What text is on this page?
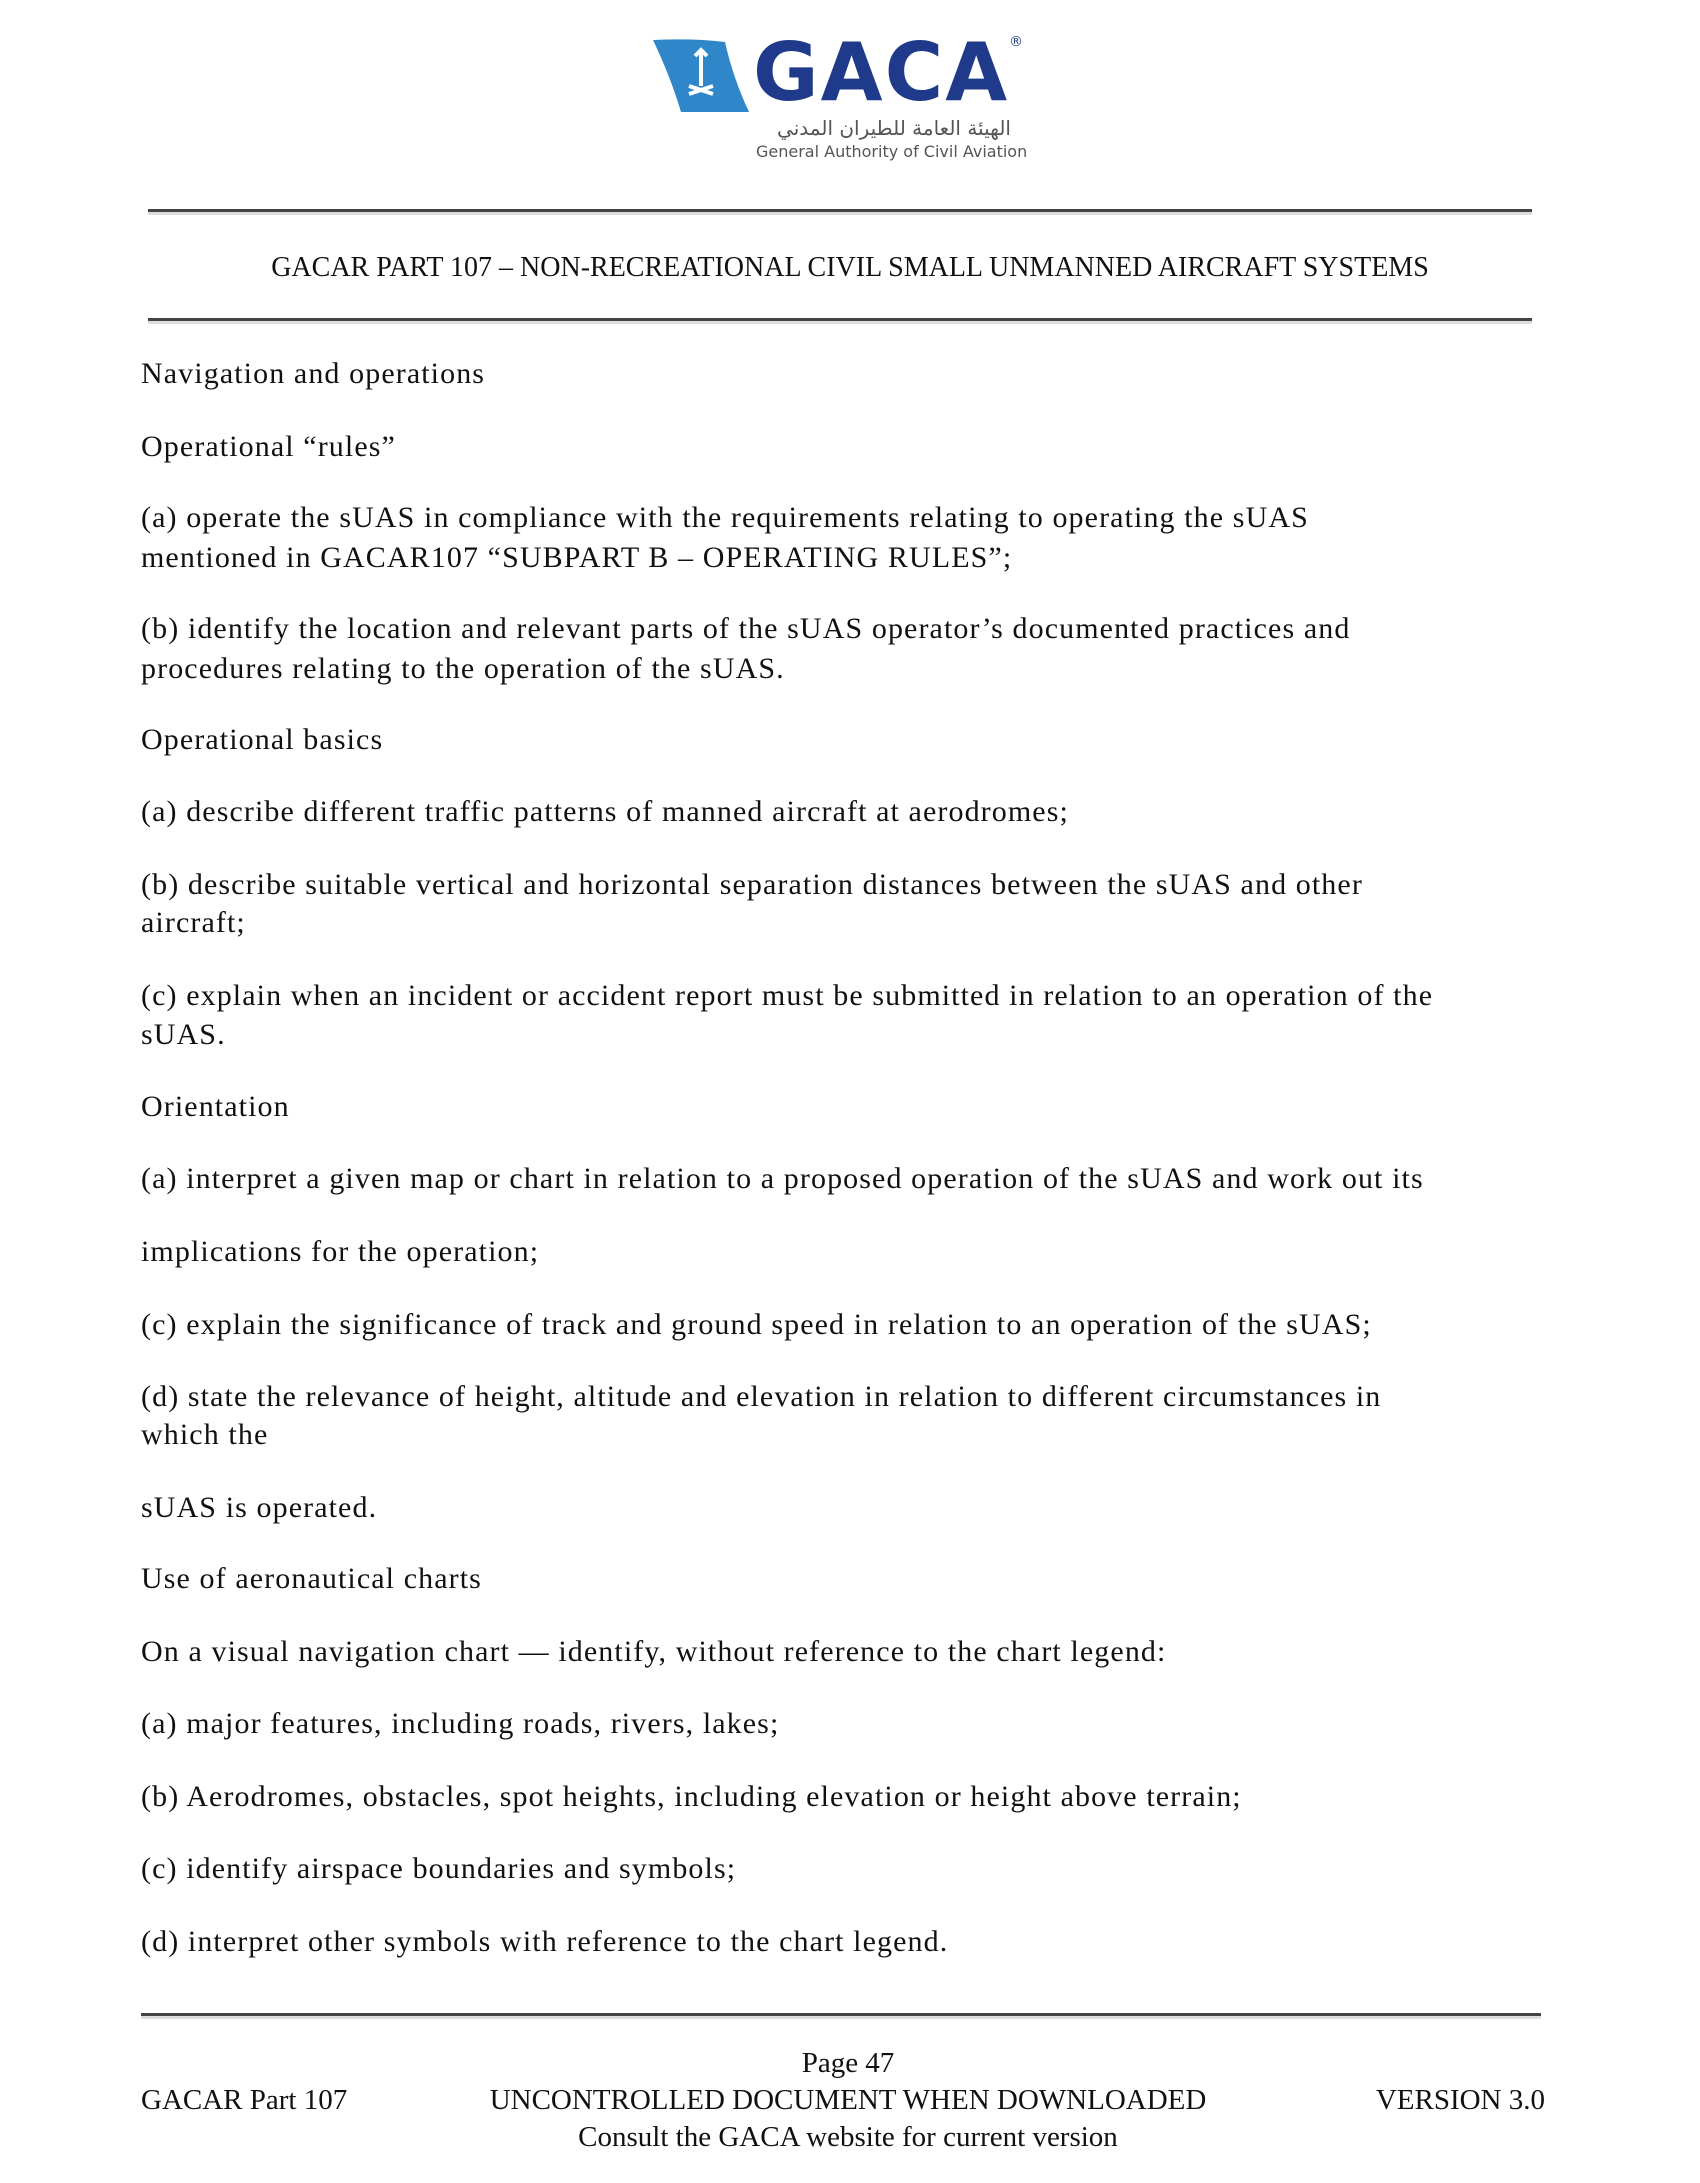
GACA ®
الهيئة العامة للطيران المدني
General Authority of Civil Aviation
GACAR PART 107 – NON-RECREATIONAL CIVIL SMALL UNMANNED AIRCRAFT SYSTEMS
Navigation and operations
Operational “rules”
(a) operate the sUAS in compliance with the requirements relating to operating the sUAS
mentioned in GACAR107 “SUBPART B – OPERATING RULES”;
(b) identify the location and relevant parts of the sUAS operator’s documented practices and
procedures relating to the operation of the sUAS.
Operational basics
(a) describe different traffic patterns of manned aircraft at aerodromes;
(b) describe suitable vertical and horizontal separation distances between the sUAS and other
aircraft;
(c) explain when an incident or accident report must be submitted in relation to an operation of the
sUAS.
Orientation
(a) interpret a given map or chart in relation to a proposed operation of the sUAS and work out its
implications for the operation;
(c) explain the significance of track and ground speed in relation to an operation of the sUAS;
(d) state the relevance of height, altitude and elevation in relation to different circumstances in
which the
sUAS is operated.
Use of aeronautical charts
On a visual navigation chart — identify, without reference to the chart legend:
(a) major features, including roads, rivers, lakes;
(b) Aerodromes, obstacles, spot heights, including elevation or height above terrain;
(c) identify airspace boundaries and symbols;
(d) interpret other symbols with reference to the chart legend.
Page 47
GACAR Part 107	UNCONTROLLED DOCUMENT WHEN DOWNLOADED	VERSION 3.0
Consult the GACA website for current version
